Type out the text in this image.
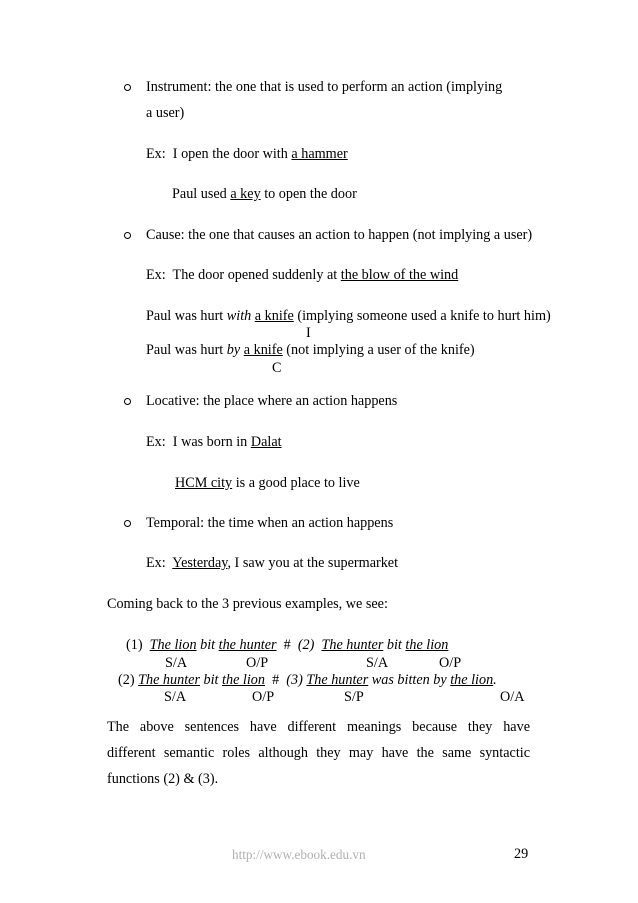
Instrument: the one that is used to perform an action (implying
a user)
Ex:  I open the door with a hammer
Paul used a key to open the door
Cause: the one that causes an action to happen (not implying a user)
Ex:  The door opened suddenly at the blow of the wind
Paul was hurt with a knife (implying someone used a knife to hurt him)
I
Paul was hurt by a knife (not implying a user of the knife)
C
Locative: the place where an action happens
Ex:  I was born in Dalat
HCM city is a good place to live
Temporal: the time when an action happens
Ex:  Yesterday, I saw you at the supermarket
Coming back to the 3 previous examples, we see:
(1) The lion bit the hunter # (2) The hunter bit the lion
S/A	O/P	S/A	O/P
(2) The hunter bit the lion # (3) The hunter was bitten by the lion.
S/A	O/P	S/P	O/A
The above sentences have different meanings because they have
different semantic roles although they may have the same syntactic
functions (2) & (3).
http://www.ebook.edu.vn	29
